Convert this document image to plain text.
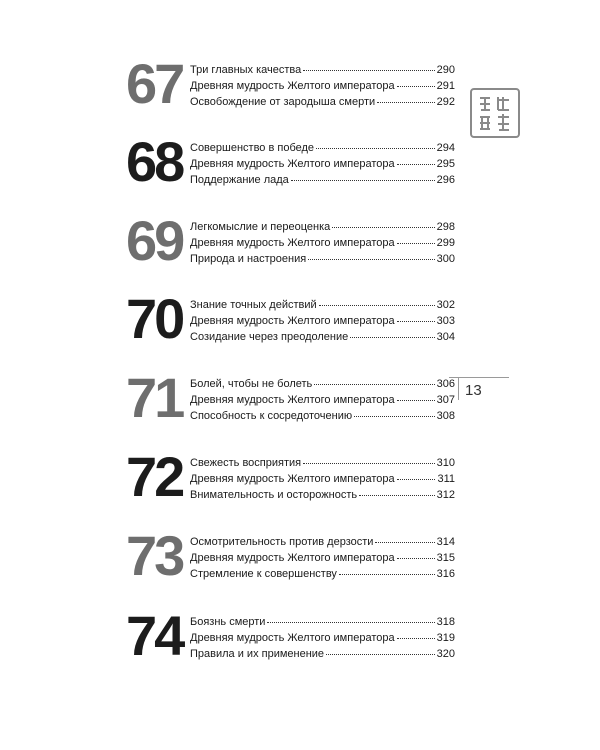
67 Три главных качества	290
Древняя мудрость Желтого императора	291
Освобождение от зародыша смерти	292
68 Совершенство в победе	294
Древняя мудрость Желтого императора	295
Поддержание лада	296
69 Легкомыслие и переоценка	298
Древняя мудрость Желтого императора	299
Природа и настроения	300
70 Знание точных действий	302
Древняя мудрость Желтого императора	303
Созидание через преодоление	304
71 Болей, чтобы не болеть	306
Древняя мудрость Желтого императора	307
Способность к сосредоточению	308
72 Свежесть восприятия	310
Древняя мудрость Желтого императора	311
Внимательность и осторожность	312
73 Осмотрительность против дерзости	314
Древняя мудрость Желтого императора	315
Стремление к совершенству	316
74 Боязнь смерти	318
Древняя мудрость Желтого императора	319
Правила и их применение	320
13
